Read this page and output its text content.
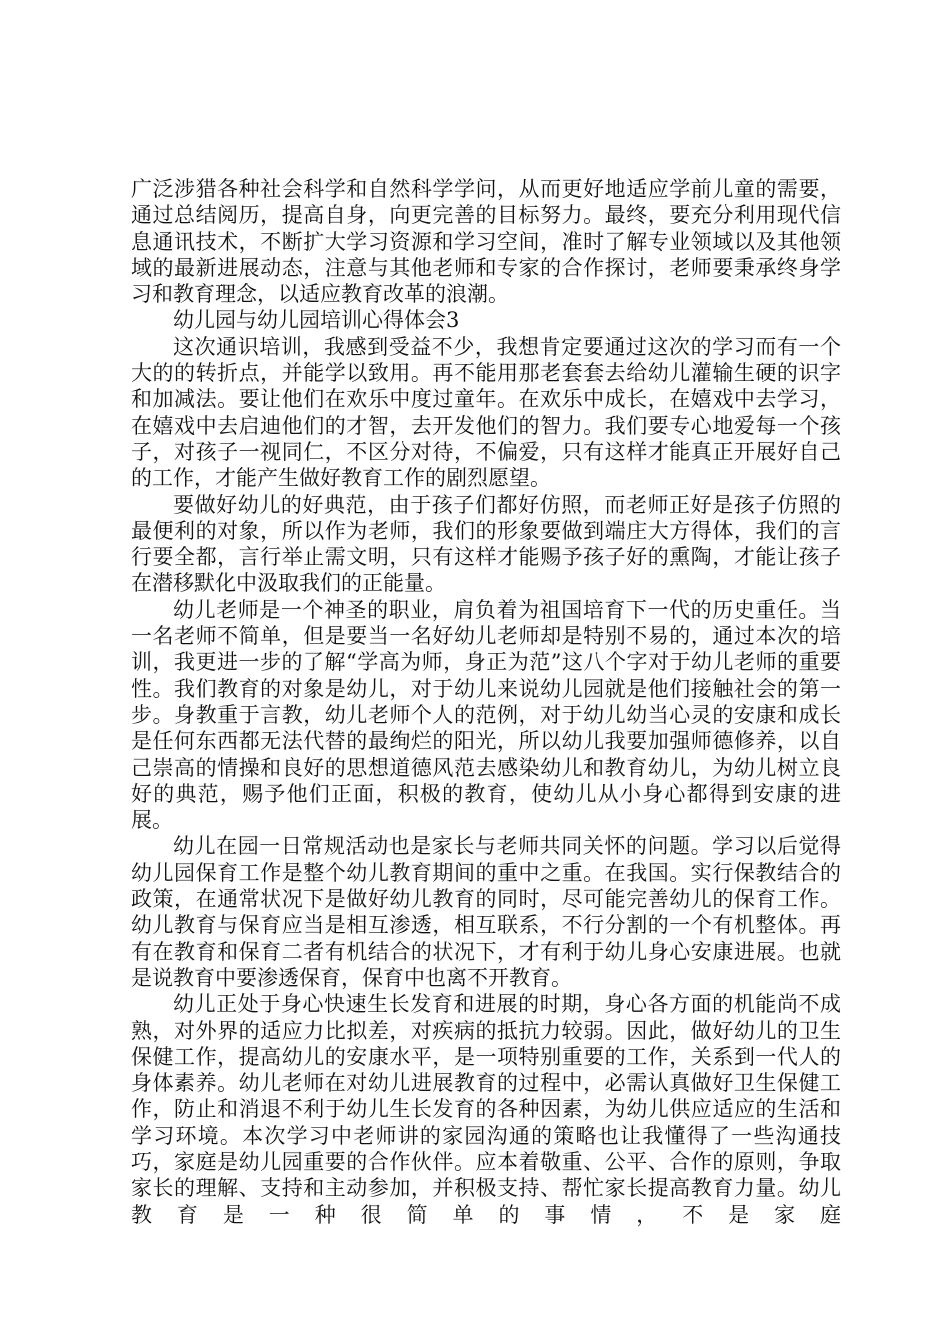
广泛涉猎各种社会科学和自然科学学问，从而更好地适应学前儿童的需要，通过总结阅历，提高自身，向更完善的目标努力。最终，要充分利用现代信息通讯技术，不断扩大学习资源和学习空间，准时了解专业领域以及其他领域的最新进展动态，注意与其他老师和专家的合作探讨，老师要秉承终身学习和教育理念，以适应教育改革的浪潮。

幼儿园与幼儿园培训心得体会3

这次通识培训，我感到受益不少，我想肯定要通过这次的学习而有一个大的的转折点，并能学以致用。再不能用那老套套去给幼儿灌输生硬的识字和加减法。要让他们在欢乐中度过童年。在欢乐中成长，在嬉戏中去学习，在嬉戏中去启迪他们的才智，去开发他们的智力。我们要专心地爱每一个孩子，对孩子一视同仁，不区分对待，不偏爱，只有这样才能真正开展好自己的工作，才能产生做好教育工作的剧烈愿望。

要做好幼儿的好典范，由于孩子们都好仿照，而老师正好是孩子仿照的最便利的对象，所以作为老师，我们的形象要做到端庄大方得体，我们的言行要全都，言行举止需文明，只有这样才能赐予孩子好的熏陶，才能让孩子在潜移默化中汲取我们的正能量。

幼儿老师是一个神圣的职业，肩负着为祖国培育下一代的历史重任。当一名老师不简单，但是要当一名好幼儿老师却是特别不易的，通过本次的培训，我更进一步的了解“学高为师，身正为范”这八个字对于幼儿老师的重要性。我们教育的对象是幼儿，对于幼儿来说幼儿园就是他们接触社会的第一步。身教重于言教，幼儿老师个人的范例，对于幼儿幼当心灵的安康和成长是任何东西都无法代替的最绚烂的阳光，所以幼儿我要加强师德修养，以自己崇高的情操和良好的思想道德风范去感染幼儿和教育幼儿，为幼儿树立良好的典范，赐予他们正面，积极的教育，使幼儿从小身心都得到安康的进展。

幼儿在园一日常规活动也是家长与老师共同关怀的问题。学习以后觉得幼儿园保育工作是整个幼儿教育期间的重中之重。在我国。实行保教结合的政策，在通常状况下是做好幼儿教育的同时，尽可能完善幼儿的保育工作。幼儿教育与保育应当是相互渗透，相互联系，不行分割的一个有机整体。再有在教育和保育二者有机结合的状况下，才有利于幼儿身心安康进展。也就是说教育中要渗透保育，保育中也离不开教育。

幼儿正处于身心快速生长发育和进展的时期，身心各方面的机能尚不成熟，对外界的适应力比拟差，对疾病的抵抗力较弱。因此，做好幼儿的卫生保健工作，提高幼儿的安康水平，是一项特别重要的工作，关系到一代人的身体素养。幼儿老师在对幼儿进展教育的过程中，必需认真做好卫生保健工作，防止和消退不利于幼儿生长发育的各种因素，为幼儿供应适应的生活和学习环境。本次学习中老师讲的家园沟通的策略也让我懂得了一些沟通技巧，家庭是幼儿园重要的合作伙伴。应本着敬重、公平、合作的原则，争取家长的理解、支持和主动参加，并积极支持、帮忙家长提高教育力量。幼儿教育是一种很简单的事情，不是家庭
